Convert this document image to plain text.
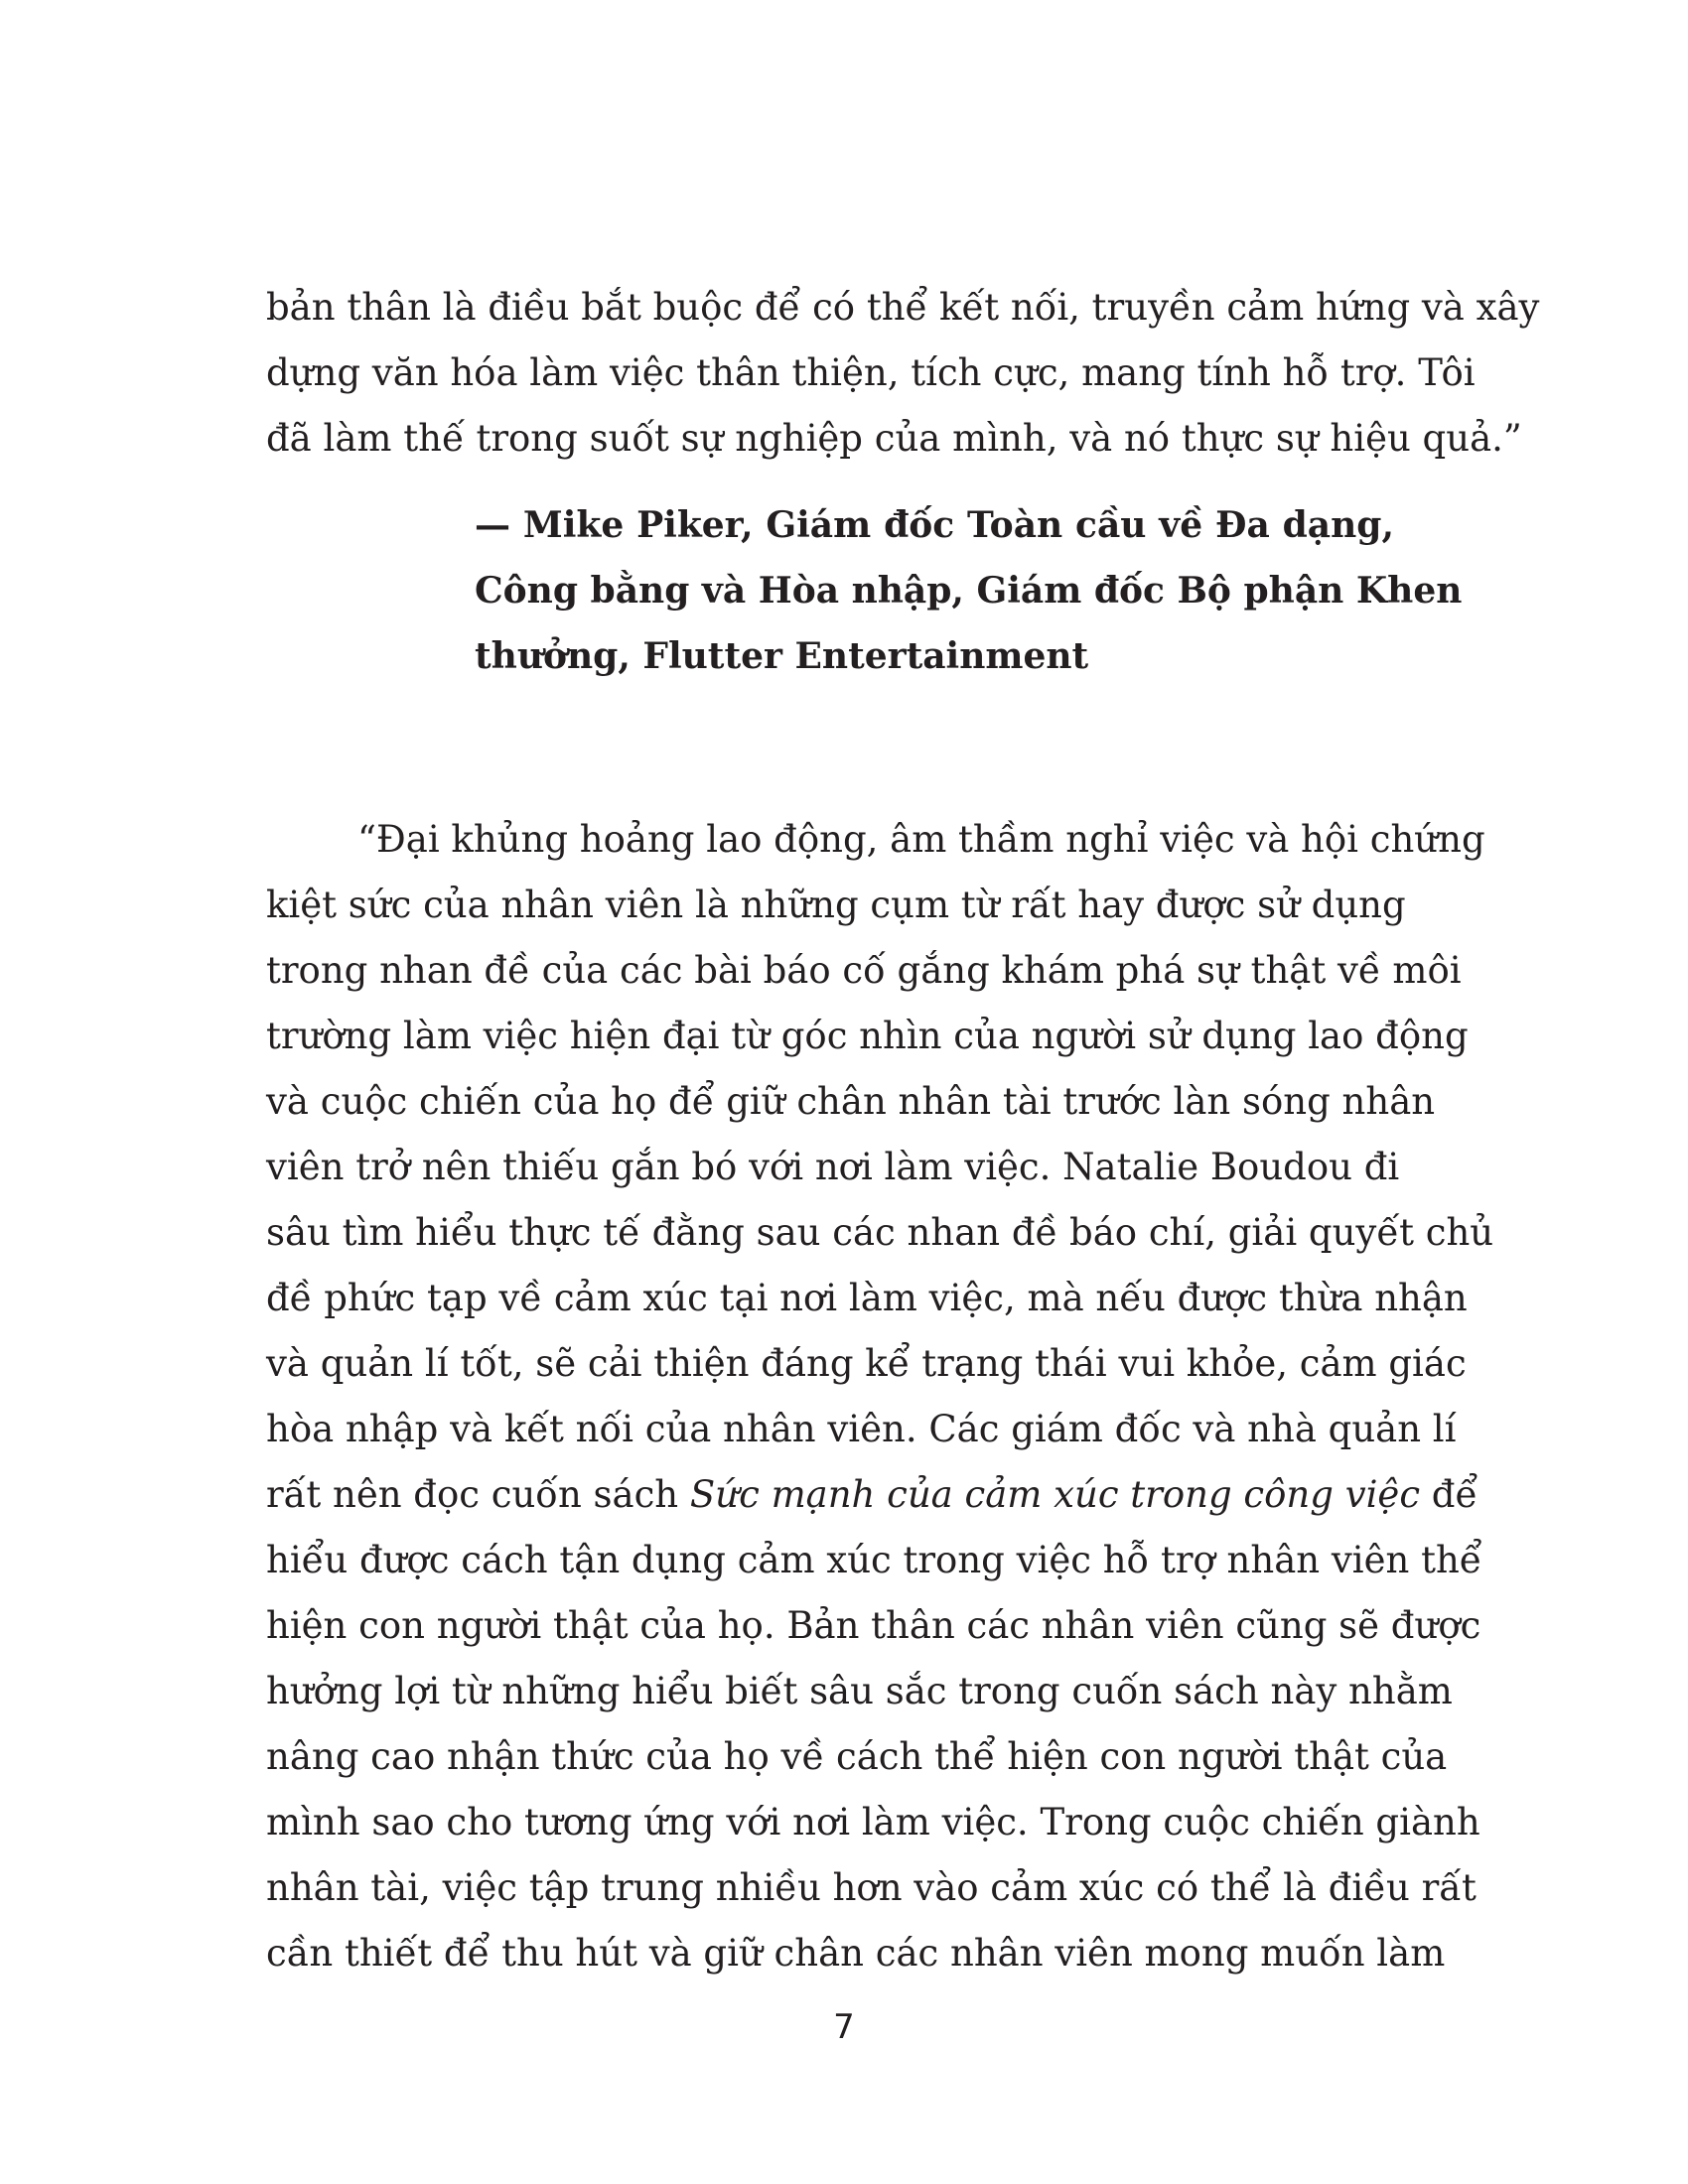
bản thân là điều bắt buộc để có thể kết nối, truyền cảm hứng và xây
dựng văn hóa làm việc thân thiện, tích cực, mang tính hỗ trợ. Tôi
đã làm thế trong suốt sự nghiệp của mình, và nó thực sự hiệu quả.”
— Mike Piker, Giám đốc Toàn cầu về Đa dạng,
Công bằng và Hòa nhập, Giám đốc Bộ phận Khen
thưởng, Flutter Entertainment
“Đại khủng hoảng lao động, âm thầm nghỉ việc và hội chứng
kiệt sức của nhân viên là những cụm từ rất hay được sử dụng
trong nhan đề của các bài báo cố gắng khám phá sự thật về môi
trường làm việc hiện đại từ góc nhìn của người sử dụng lao động
và cuộc chiến của họ để giữ chân nhân tài trước làn sóng nhân
viên trở nên thiếu gắn bó với nơi làm việc. Natalie Boudou đi
sâu tìm hiểu thực tế đằng sau các nhan đề báo chí, giải quyết chủ
đề phức tạp về cảm xúc tại nơi làm việc, mà nếu được thừa nhận
và quản lí tốt, sẽ cải thiện đáng kể trạng thái vui khỏe, cảm giác
hòa nhập và kết nối của nhân viên. Các giám đốc và nhà quản lí
rất nên đọc cuốn sách Sức mạnh của cảm xúc trong công việc để
hiểu được cách tận dụng cảm xúc trong việc hỗ trợ nhân viên thể
hiện con người thật của họ. Bản thân các nhân viên cũng sẽ được
hưởng lợi từ những hiểu biết sâu sắc trong cuốn sách này nhằm
nâng cao nhận thức của họ về cách thể hiện con người thật của
mình sao cho tương ứng với nơi làm việc. Trong cuộc chiến giành
nhân tài, việc tập trung nhiều hơn vào cảm xúc có thể là điều rất
cần thiết để thu hút và giữ chân các nhân viên mong muốn làm
7
